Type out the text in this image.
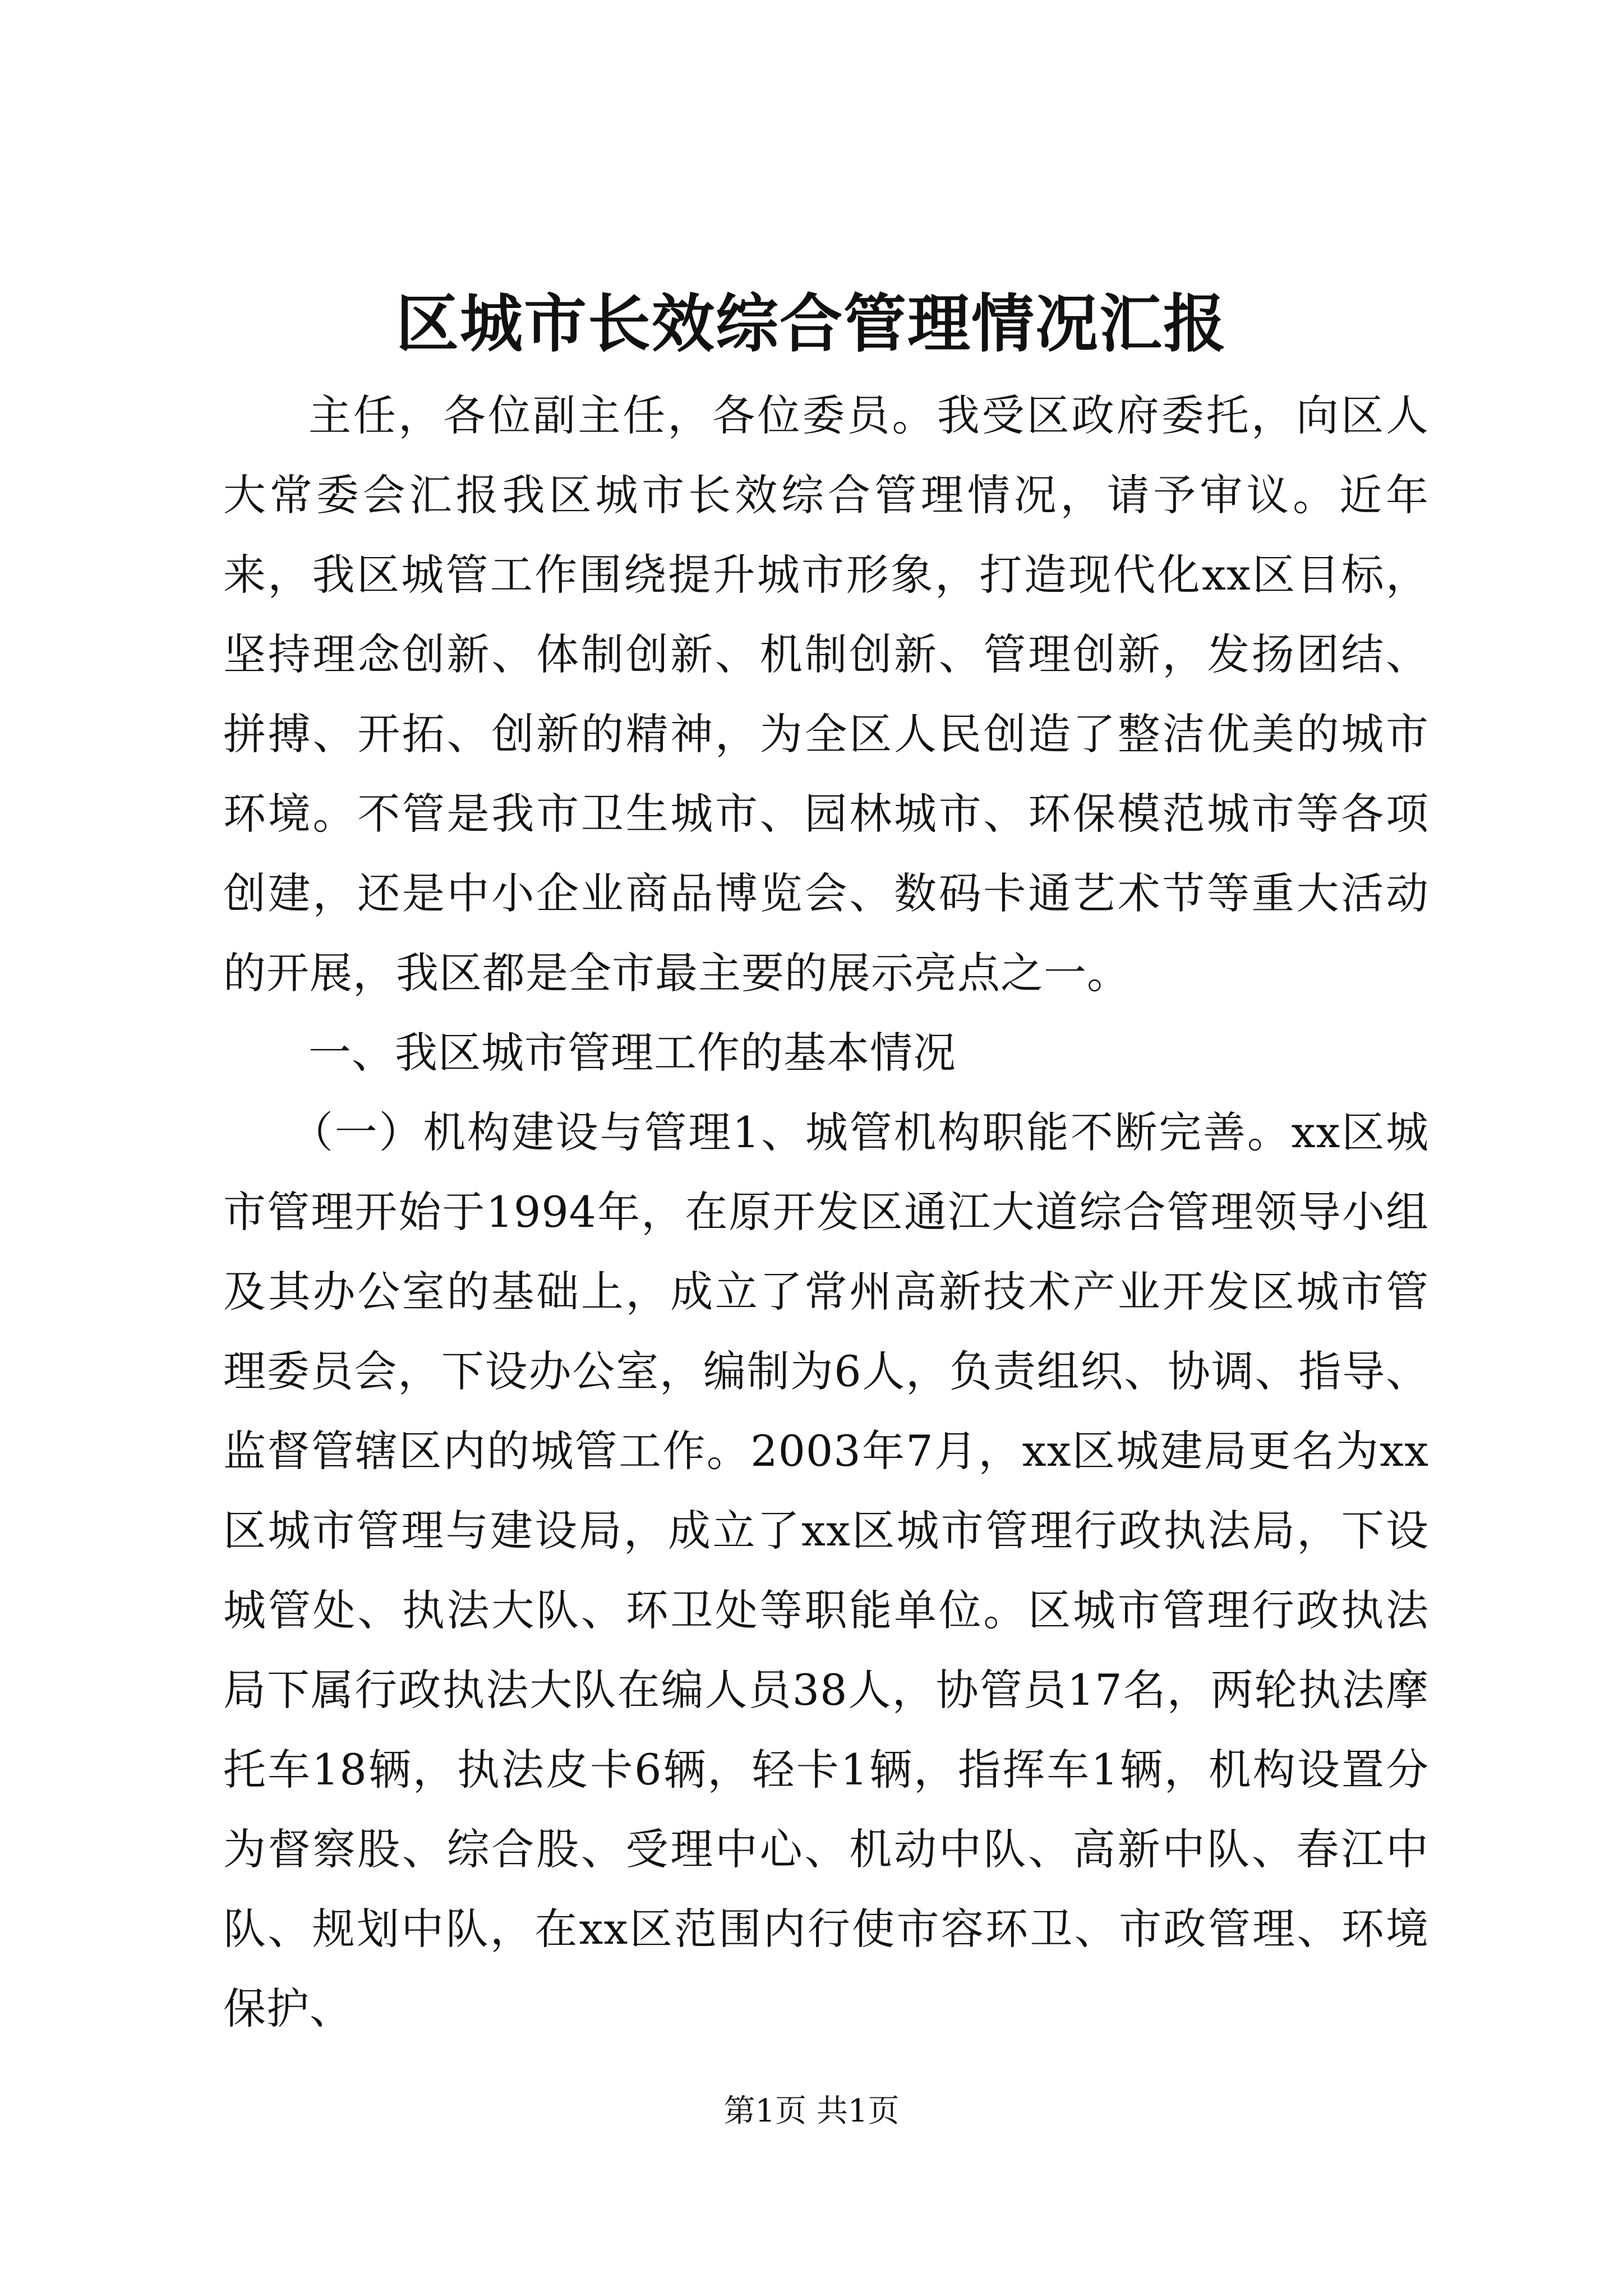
区城市长效综合管理情况汇报

主任，各位副主任，各位委员。我受区政府委托，向区人大常委会汇报我区城市长效综合管理情况，请予审议。近年来，我区城管工作围绕提升城市形象，打造现代化xx区目标，坚持理念创新、体制创新、机制创新、管理创新，发扬团结、拼搏、开拓、创新的精神，为全区人民创造了整洁优美的城市环境。不管是我市卫生城市、园林城市、环保模范城市等各项创建，还是中小企业商品博览会、数码卡通艺术节等重大活动的开展，我区都是全市最主要的展示亮点之一。

一、我区城市管理工作的基本情况

（一）机构建设与管理1、城管机构职能不断完善。xx区城市管理开始于1994年，在原开发区通江大道综合管理领导小组及其办公室的基础上，成立了常州高新技术产业开发区城市管理委员会，下设办公室，编制为6人，负责组织、协调、指导、监督管辖区内的城管工作。2003年7月，xx区城建局更名为xx区城市管理与建设局，成立了xx区城市管理行政执法局，下设城管处、执法大队、环卫处等职能单位。区城市管理行政执法局下属行政执法大队在编人员38人，协管员17名，两轮执法摩托车18辆，执法皮卡6辆，轻卡1辆，指挥车1辆，机构设置分为督察股、综合股、受理中心、机动中队、高新中队、春江中队、规划中队，在xx区范围内行使市容环卫、市政管理、环境保护、

第1页 共1页
